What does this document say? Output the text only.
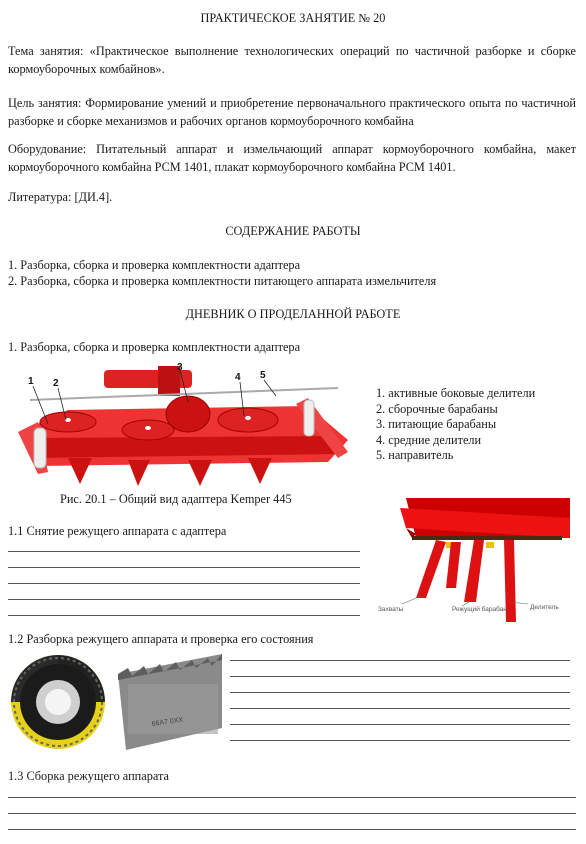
ПРАКТИЧЕСКОЕ ЗАНЯТИЕ № 20
Тема занятия: «Практическое выполнение технологических операций по частичной разборке и сборке кормоуборочных комбайнов».
Цель занятия: Формирование умений и приобретение первоначального практического опыта по частичной разборке и сборке механизмов и рабочих органов кормоуборочного комбайна
Оборудование: Питательный аппарат и измельчающий аппарат кормоуборочного комбайна, макет кормоуборочного комбайна РСМ 1401, плакат кормоуборочного комбайна РСМ 1401.
Литература: [ДИ.4].
СОДЕРЖАНИЕ РАБОТЫ
1. Разборка, сборка и проверка комплектности адаптера
2. Разборка, сборка и проверка комплектности питающего аппарата измельчителя
ДНЕВНИК О ПРОДЕЛАННОЙ РАБОТЕ
1. Разборка, сборка и проверка комплектности адаптера
1 2
3
4 5
1. активные боковые делители
2. сборочные барабаны
3. питающие барабаны
4. средние делители
5. направитель
Рис. 20.1 – Общий вид адаптера Kemper 445
1.1 Снятие режущего аппарата с адаптера
Захваты	Режущий барабан	Делитель
1.2 Разборка режущего аппарата и проверка его состояния
66A7 0XX
1.3 Сборка режущего аппарата
